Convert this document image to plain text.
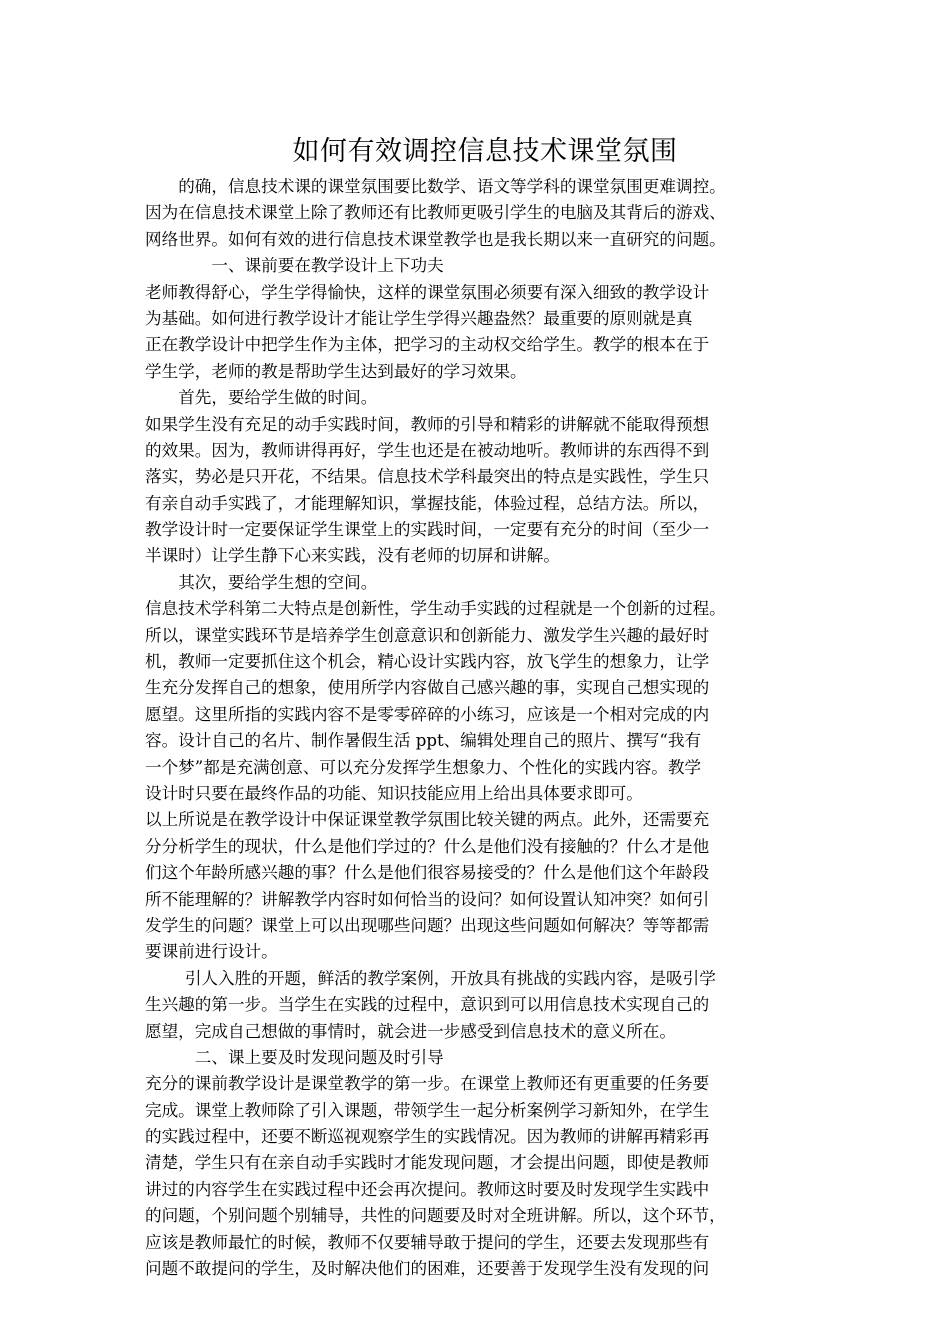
如何有效调控信息技术课堂氛围
的确，信息技术课的课堂氛围要比数学、语文等学科的课堂氛围更难调控。
因为在信息技术课堂上除了教师还有比教师更吸引学生的电脑及其背后的游戏、
网络世界。如何有效的进行信息技术课堂教学也是我长期以来一直研究的问题。
一、课前要在教学设计上下功夫
老师教得舒心，学生学得愉快，这样的课堂氛围必须要有深入细致的教学设计
为基础。如何进行教学设计才能让学生学得兴趣盎然？最重要的原则就是真
正在教学设计中把学生作为主体，把学习的主动权交给学生。教学的根本在于
学生学，老师的教是帮助学生达到最好的学习效果。
首先，要给学生做的时间。
如果学生没有充足的动手实践时间，教师的引导和精彩的讲解就不能取得预想
的效果。因为，教师讲得再好，学生也还是在被动地听。教师讲的东西得不到
落实，势必是只开花，不结果。信息技术学科最突出的特点是实践性，学生只
有亲自动手实践了，才能理解知识，掌握技能，体验过程，总结方法。所以，
教学设计时一定要保证学生课堂上的实践时间，一定要有充分的时间（至少一
半课时）让学生静下心来实践，没有老师的切屏和讲解。
其次，要给学生想的空间。
信息技术学科第二大特点是创新性，学生动手实践的过程就是一个创新的过程。
所以，课堂实践环节是培养学生创意意识和创新能力、激发学生兴趣的最好时
机，教师一定要抓住这个机会，精心设计实践内容，放飞学生的想象力，让学
生充分发挥自己的想象，使用所学内容做自己感兴趣的事，实现自己想实现的
愿望。这里所指的实践内容不是零零碎碎的小练习，应该是一个相对完成的内
容。设计自己的名片、制作暑假生活 ppt、编辑处理自己的照片、撰写“我有
一个梦”都是充满创意、可以充分发挥学生想象力、个性化的实践内容。教学
设计时只要在最终作品的功能、知识技能应用上给出具体要求即可。
以上所说是在教学设计中保证课堂教学氛围比较关键的两点。此外，还需要充
分分析学生的现状，什么是他们学过的？什么是他们没有接触的？什么才是他
们这个年龄所感兴趣的事？什么是他们很容易接受的？什么是他们这个年龄段
所不能理解的？讲解教学内容时如何恰当的设问？如何设置认知冲突？如何引
发学生的问题？课堂上可以出现哪些问题？出现这些问题如何解决？等等都需
要课前进行设计。
引人入胜的开题，鲜活的教学案例，开放具有挑战的实践内容，是吸引学
生兴趣的第一步。当学生在实践的过程中，意识到可以用信息技术实现自己的
愿望，完成自己想做的事情时，就会进一步感受到信息技术的意义所在。
二、课上要及时发现问题及时引导
充分的课前教学设计是课堂教学的第一步。在课堂上教师还有更重要的任务要
完成。课堂上教师除了引入课题，带领学生一起分析案例学习新知外，在学生
的实践过程中，还要不断巡视观察学生的实践情况。因为教师的讲解再精彩再
清楚，学生只有在亲自动手实践时才能发现问题，才会提出问题，即使是教师
讲过的内容学生在实践过程中还会再次提问。教师这时要及时发现学生实践中
的问题，个别问题个别辅导，共性的问题要及时对全班讲解。所以，这个环节，
应该是教师最忙的时候，教师不仅要辅导敢于提问的学生，还要去发现那些有
问题不敢提问的学生，及时解决他们的困难，还要善于发现学生没有发现的问
